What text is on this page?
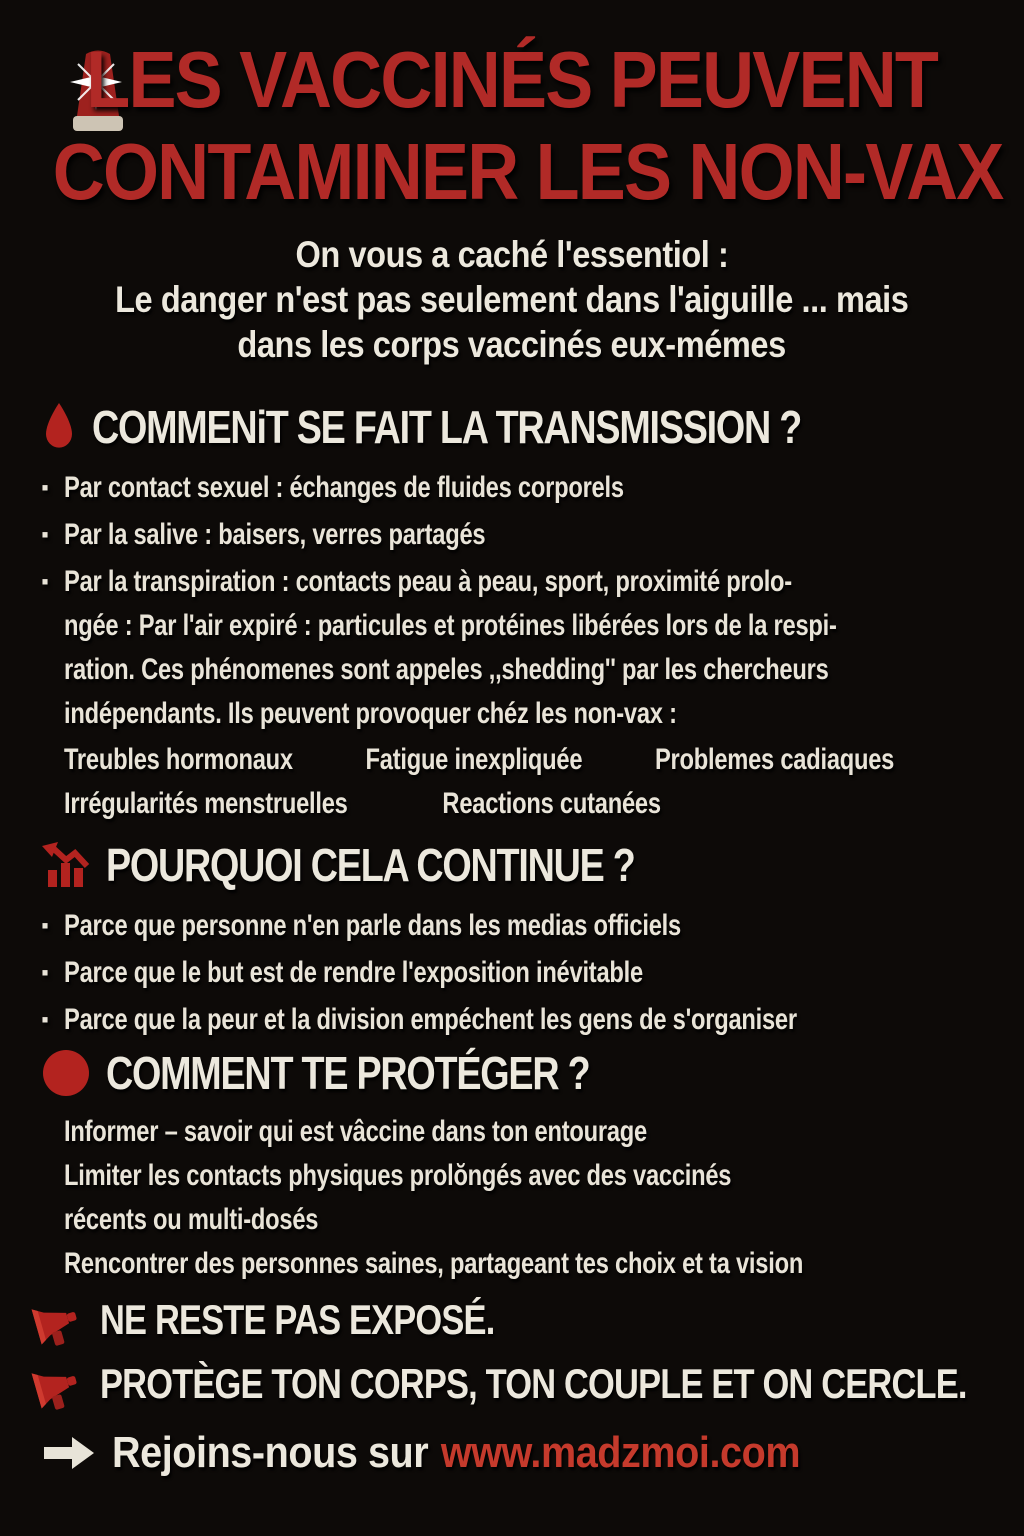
LES VACCINÉS PEUVENT
CONTAMINER LES NON-VAX
On vous a caché l'essentiol :
Le danger n'est pas seulement dans l'aiguille ... mais
dans les corps vaccinés eux-mémes
COMMENiT SE FAIT LA TRANSMISSION ?
·
Par contact sexuel : échanges de fluides corporels
·
Par la salive : baisers, verres partagés
·
Par la transpiration : contacts peau à peau, sport, proximité prolo-
ngée : Par l'air expiré : particules et protéines libérées lors de la respi-
ration. Ces phénomenes sont appeles ,,shedding'' par les chercheurs
indépendants. Ils peuvent provoquer chéz les non-vax :
Treubles hormonaux Fatigue inexpliquée Problemes cadiaques
Irrégularités menstruelles	Reactions cutanées
POURQUOI CELA CONTINUE ?
·
Parce que personne n'en parle dans les medias officiels
·
Parce que le but est de rendre l'exposition inévitable
·
Parce que la peur et la division empéchent les gens de s'organiser
COMMENT TE PROTÉGER ?
Informer – savoir qui est vâccine dans ton entourage
Limiter les contacts physiques prolŏngés avec des vaccinés
récents ou multi-dosés
Rencontrer des personnes saines, partageant tes choix et ta vision
NE RESTE PAS EXPOSÉ.
PROTÈGE TON CORPS, TON COUPLE ET ON CERCLE.
Rejoins-nous sur www.madzmoi.com
